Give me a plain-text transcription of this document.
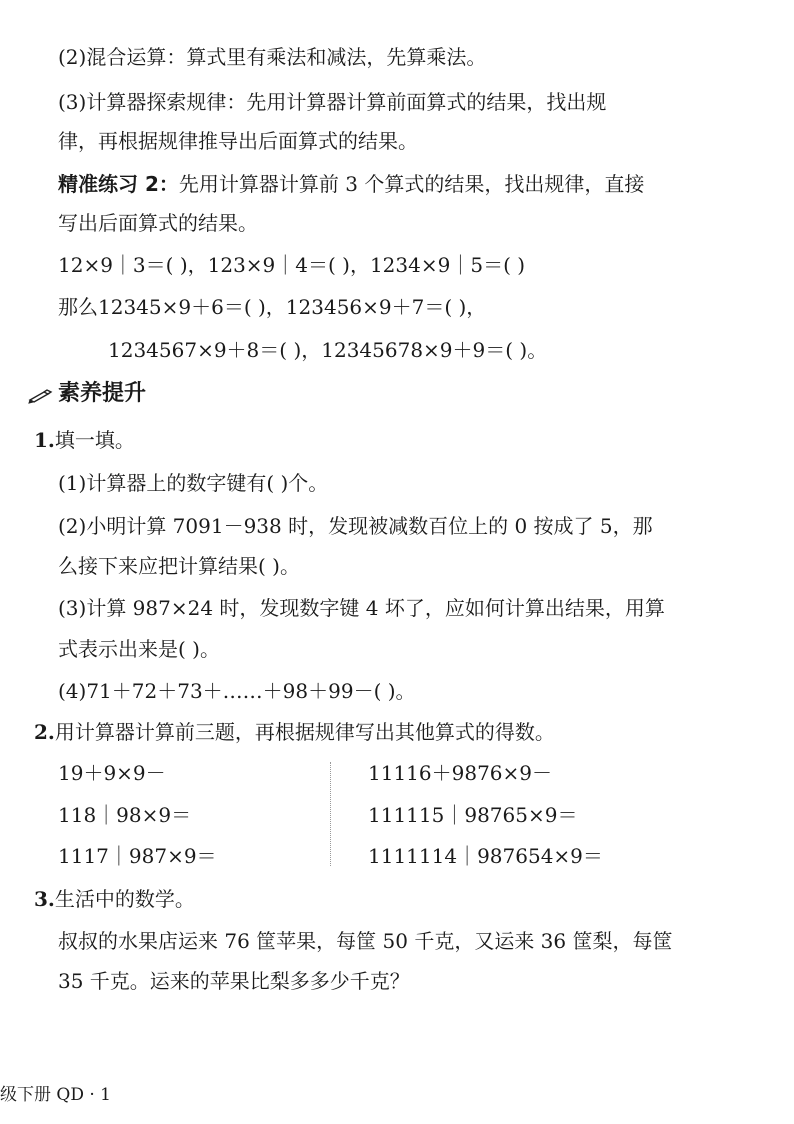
(2)混合运算：算式里有乘法和减法，先算乘法。
(3)计算器探索规律：先用计算器计算前面算式的结果，找出规
律，再根据规律推导出后面算式的结果。
精准练习 2：先用计算器计算前 3 个算式的结果，找出规律，直接
写出后面算式的结果。
12×9｜3＝( )，123×9｜4＝( )，1234×9｜5＝( )
那么12345×9＋6＝( )，123456×9＋7＝( )，
1234567×9＋8＝( )，12345678×9＋9＝( )。
素养提升
1.填一填。
(1)计算器上的数字键有( )个。
(2)小明计算 7091－938 时，发现被减数百位上的 0 按成了 5，那
么接下来应把计算结果( )。
(3)计算 987×24 时，发现数字键 4 坏了，应如何计算出结果，用算
式表示出来是( )。
(4)71＋72＋73＋……＋98＋99－( )。
2.用计算器计算前三题，再根据规律写出其他算式的得数。
19＋9×9－
118｜98×9＝
1117｜987×9＝
11116＋9876×9－
111115｜98765×9＝
1111114｜987654×9＝
3.生活中的数学。
叔叔的水果店运来 76 筐苹果，每筐 50 千克，又运来 36 筐梨，每筐
35 千克。运来的苹果比梨多多少千克？
级下册 QD · 1
